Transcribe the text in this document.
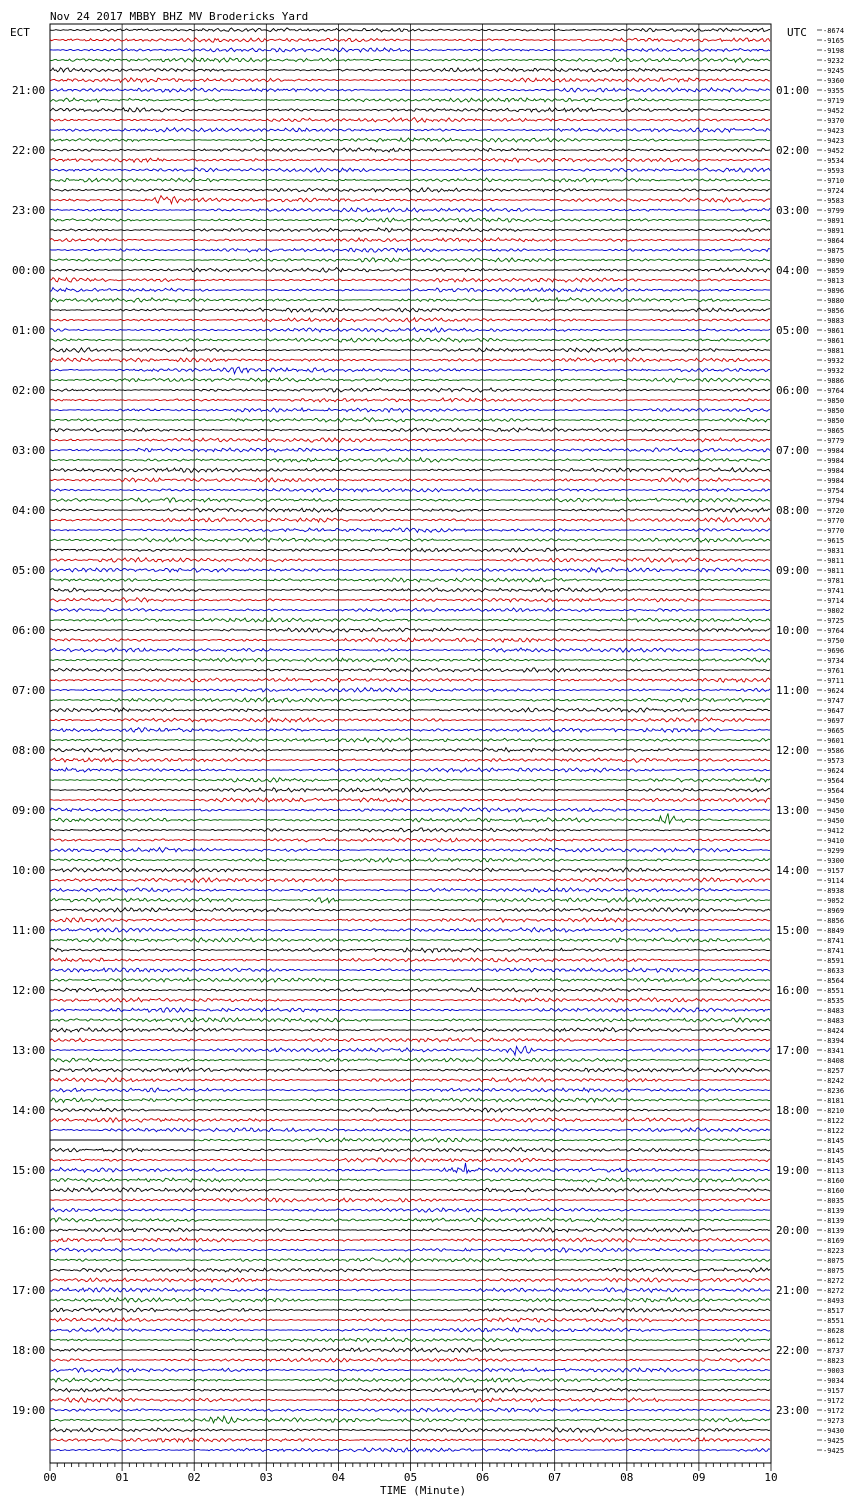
Nov 24 2017 MBBY BHZ MV Brodericks Yard
ECT	UTC
21:00
22:00
23:00
00:00
01:00
02:00
03:00
04:00
05:00
06:00
07:00
08:00
09:00
10:00
11:00
12:00
13:00
14:00
15:00
16:00
17:00
18:00
19:00
01:00
02:00
03:00
04:00
05:00
06:00
07:00
08:00
09:00
10:00
11:00
12:00
13:00
14:00
15:00
16:00
17:00
18:00
19:00
20:00
21:00
22:00
23:00
-8674
-9165
-9198
-9232
-9245
-9360
-9355
-9719
-9452
-9370
-9423
-9423
-9452
-9534
-9593
-9710
-9724
-9583
-9799
-9891
-9891
-9864
-9875
-9890
-9859
-9813
-9896
-9880
-9856
-9883
-9861
-9861
-9881
-9932
-9932
-9886
-9764
-9850
-9850
-9850
-9865
-9779
-9984
-9984
-9984
-9984
-9754
-9794
-9720
-9770
-9770
-9615
-9831
-9811
-9811
-9781
-9741
-9714
-9802
-9725
-9764
-9750
-9696
-9734
-9761
-9711
-9624
-9747
-9647
-9697
-9665
-9601
-9586
-9573
-9624
-9564
-9564
-9450
-9450
-9450
-9412
-9410
-9299
-9300
-9157
-9114
-8938
-9052
-8969
-8856
-8849
-8741
-8741
-8591
-8633
-8564
-8551
-8535
-8483
-8483
-8424
-8394
-8341
-8408
-8257
-8242
-8236
-8181
-8210
-8122
-8122
-8145
-8145
-8145
-8113
-8160
-8160
-8035
-8139
-8139
-8139
-8169
-8223
-8075
-8075
-8272
-8272
-8493
-8517
-8551
-8628
-8612
-8737
-8823
-9003
-9034
-9157
-9172
-9172
-9273
-9430
-9425
-9425
00	01	02	03	04	05	06	07	08	09	10
TIME (Minute)
